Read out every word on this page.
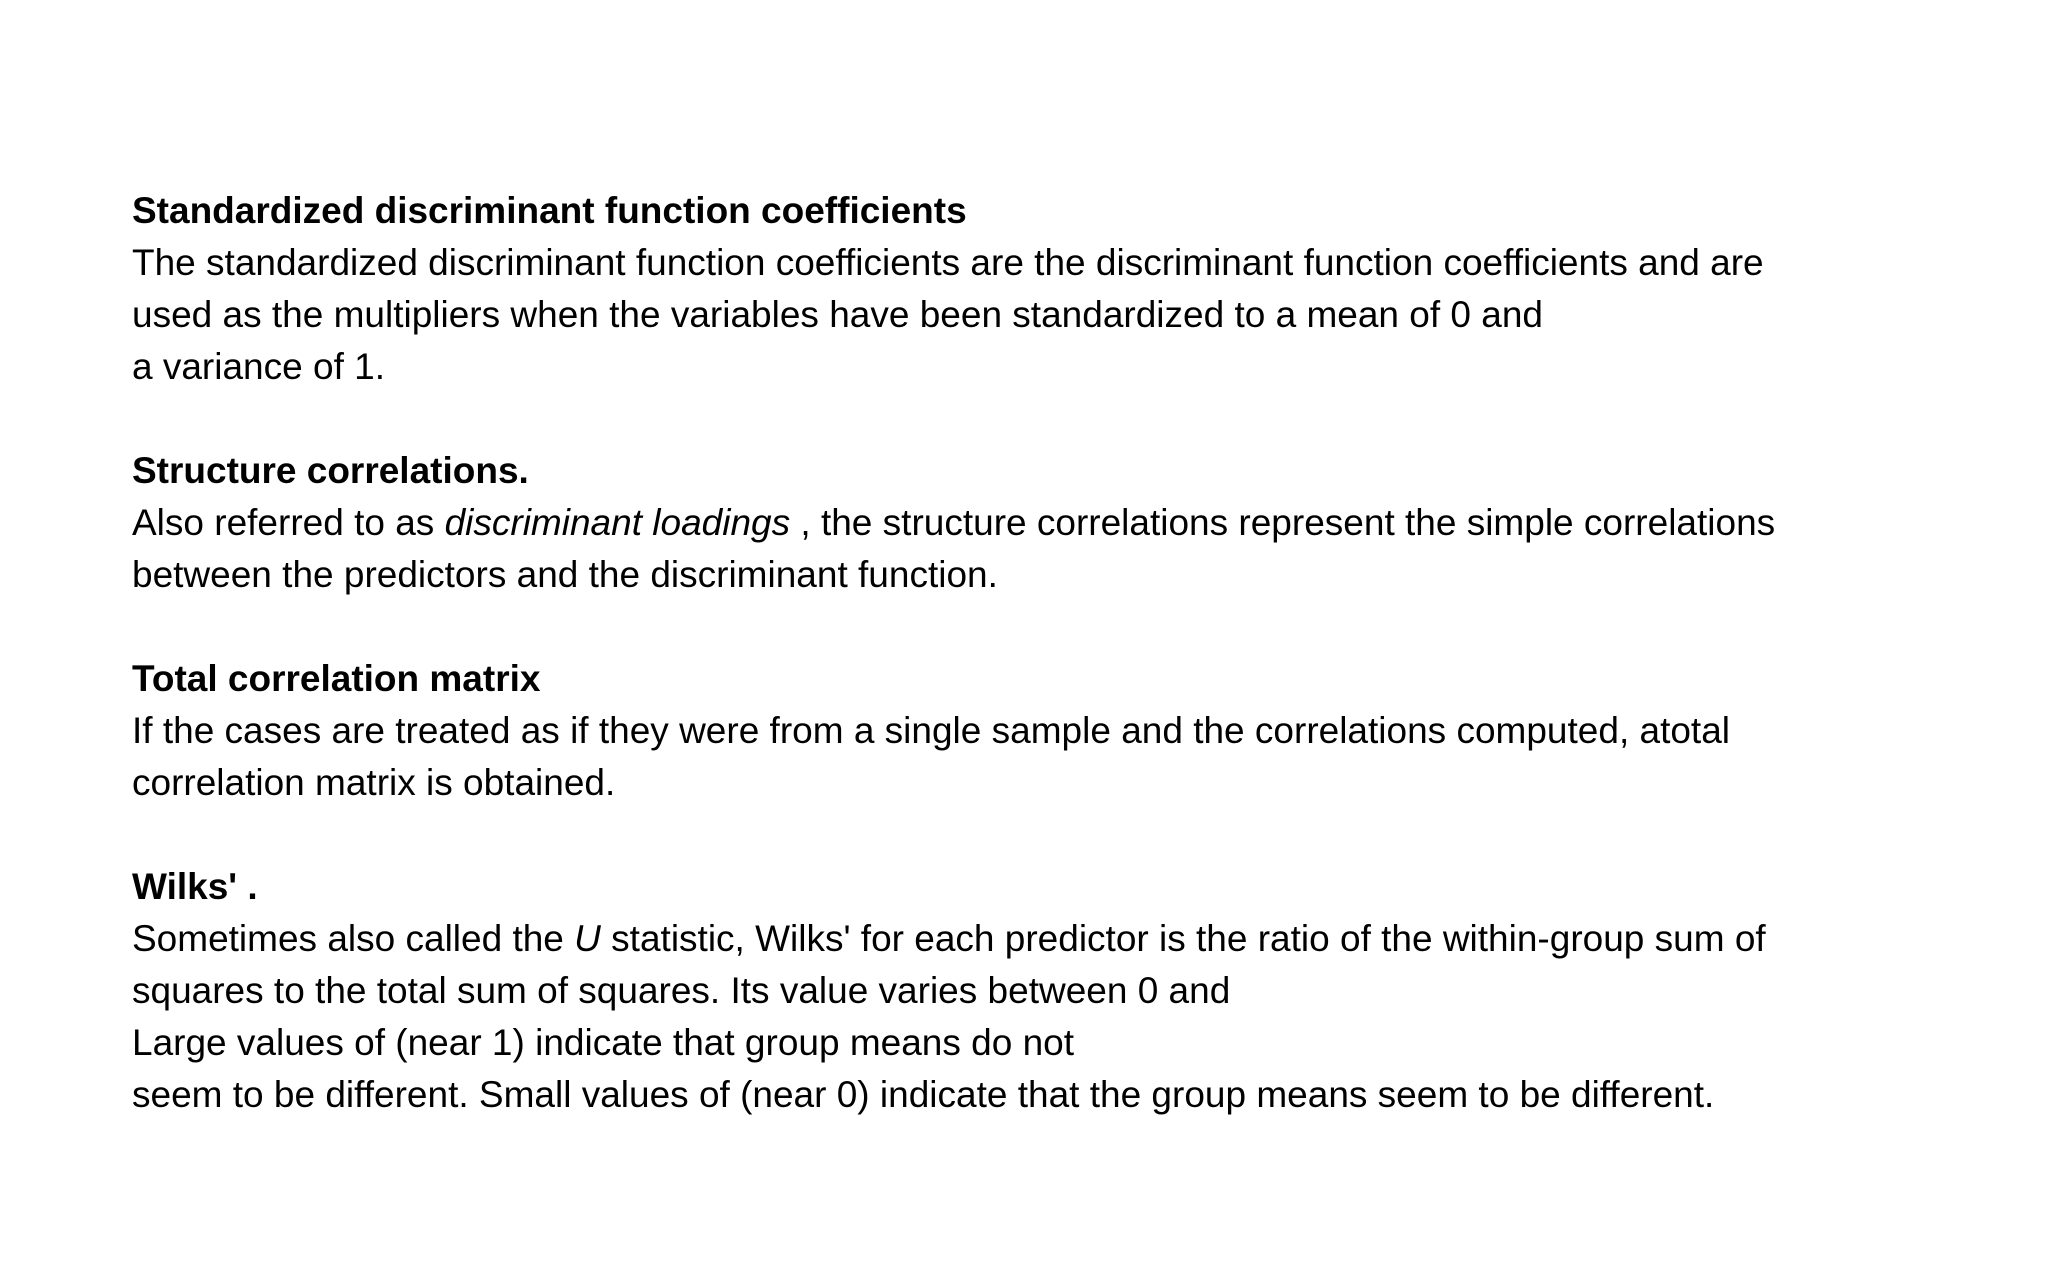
Standardized discriminant function coefficients
The standardized discriminant function coefficients are the discriminant function coefficients and are
used as the multipliers when the variables have been standardized to a mean of 0 and
a variance of 1.
Structure correlations.
Also referred to as discriminant loadings , the structure correlations represent the simple correlations
between the predictors and the discriminant function.
Total correlation matrix
If the cases are treated as if they were from a single sample and the correlations computed, atotal
correlation matrix is obtained.
Wilks' .
Sometimes also called the U statistic, Wilks' for each predictor is the ratio of the within-group sum of
squares to the total sum of squares. Its value varies between 0 and
Large values of (near 1) indicate that group means do not
seem to be different. Small values of (near 0) indicate that the group means seem to be different.
